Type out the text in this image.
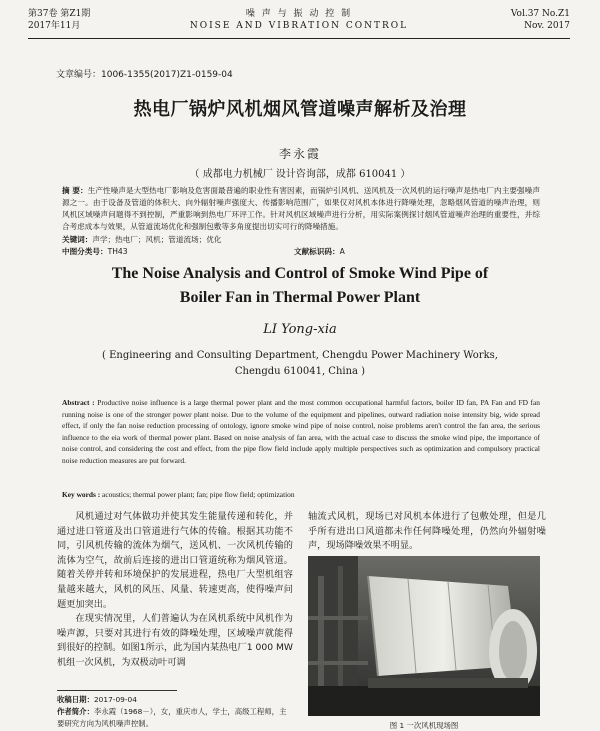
第37卷 第Z1期
2017年11月
噪 声 与 振 动 控 制
NOISE AND VIBRATION CONTROL
Vol.37 No.Z1
Nov. 2017
文章编号：1006-1355(2017)Z1-0159-04
热电厂锅炉风机烟风管道噪声解析及治理
李永霞
（ 成都电力机械厂 设计咨询部，成都 610041 ）
摘 要：生产性噪声是大型热电厂影响及危害面最普遍的职业性有害因素，而锅炉引风机、送风机及一次风机的运行噪声是热电厂内主要强噪声源之一。由于设备及管道的体积大、向外辐射噪声强度大、传播影响范围广，如果仅对风机本体进行降噪处理，忽略烟风管道的噪声治理，则风机区域噪声问题得不到控制，严重影响到热电厂环评工作。针对风机区域噪声进行分析，用实际案例探讨烟风管道噪声治理的重要性，并综合考虑成本与效果，从管道流场优化和强制包敷等多角度提出切实可行的降噪措施。
关键词：声学；热电厂；风机；管道流场；优化
中图分类号：TH43	文献标识码：A
The Noise Analysis and Control of Smoke Wind Pipe of
Boiler Fan in Thermal Power Plant
LI Yong-xia
( Engineering and Consulting Department, Chengdu Power Machinery Works,
Chengdu 610041, China )
Abstract : Productive noise influence is a large thermal power plant and the most common occupational harmful factors, boiler ID fan, PA Fan and FD fan running noise is one of the stronger power plant noise. Due to the volume of the equipment and pipelines, outward radiation noise intensity big, wide spread effect, if only the fan noise reduction processing of ontology, ignore smoke wind pipe of noise control, noise problems aren't control the fan area, the serious influence to the eia work of thermal power plant. Based on noise analysis of fan area, with the actual case to discuss the smoke wind pipe, the importance of noise control, and considering the cost and effect, from the pipe flow field include apply multiple perspectives such as optimization and compulsory practical noise reduction measures are put forward.
Key words : acoustics; thermal power plant; fan; pipe flow field; optimization

风机通过对气体做功并使其发生能量传递和转化，并通过进口管道及出口管道进行气体的传输。根据其功能不同，引风机传输的流体为烟气，送风机、一次风机传输的流体为空气，故前后连接的进出口管道统称为烟风管道。随着关停并转和环境保护的发展进程，热电厂大型机组容量越来越大，风机的风压、风量、转速更高，使得噪声问题更加突出。

在现实情况里，人们普遍认为在风机系统中风机作为噪声源，只要对其进行有效的降噪处理，区域噪声就能得到很好的控制。如图1所示，此为国内某热电厂1 000 MW机组一次风机，为双极动叶可调

轴流式风机，现场已对风机本体进行了包敷处理，但是几乎所有进出口风道都未作任何降噪处理，仍然向外辐射噪声，现场降噪效果不明显。

图 1 一次风机现场图
收稿日期：2017-09-04
作者简介：李永霞（1968－），女，重庆市人，学士，高级工程师，主要研究方向为风机噪声控制。
